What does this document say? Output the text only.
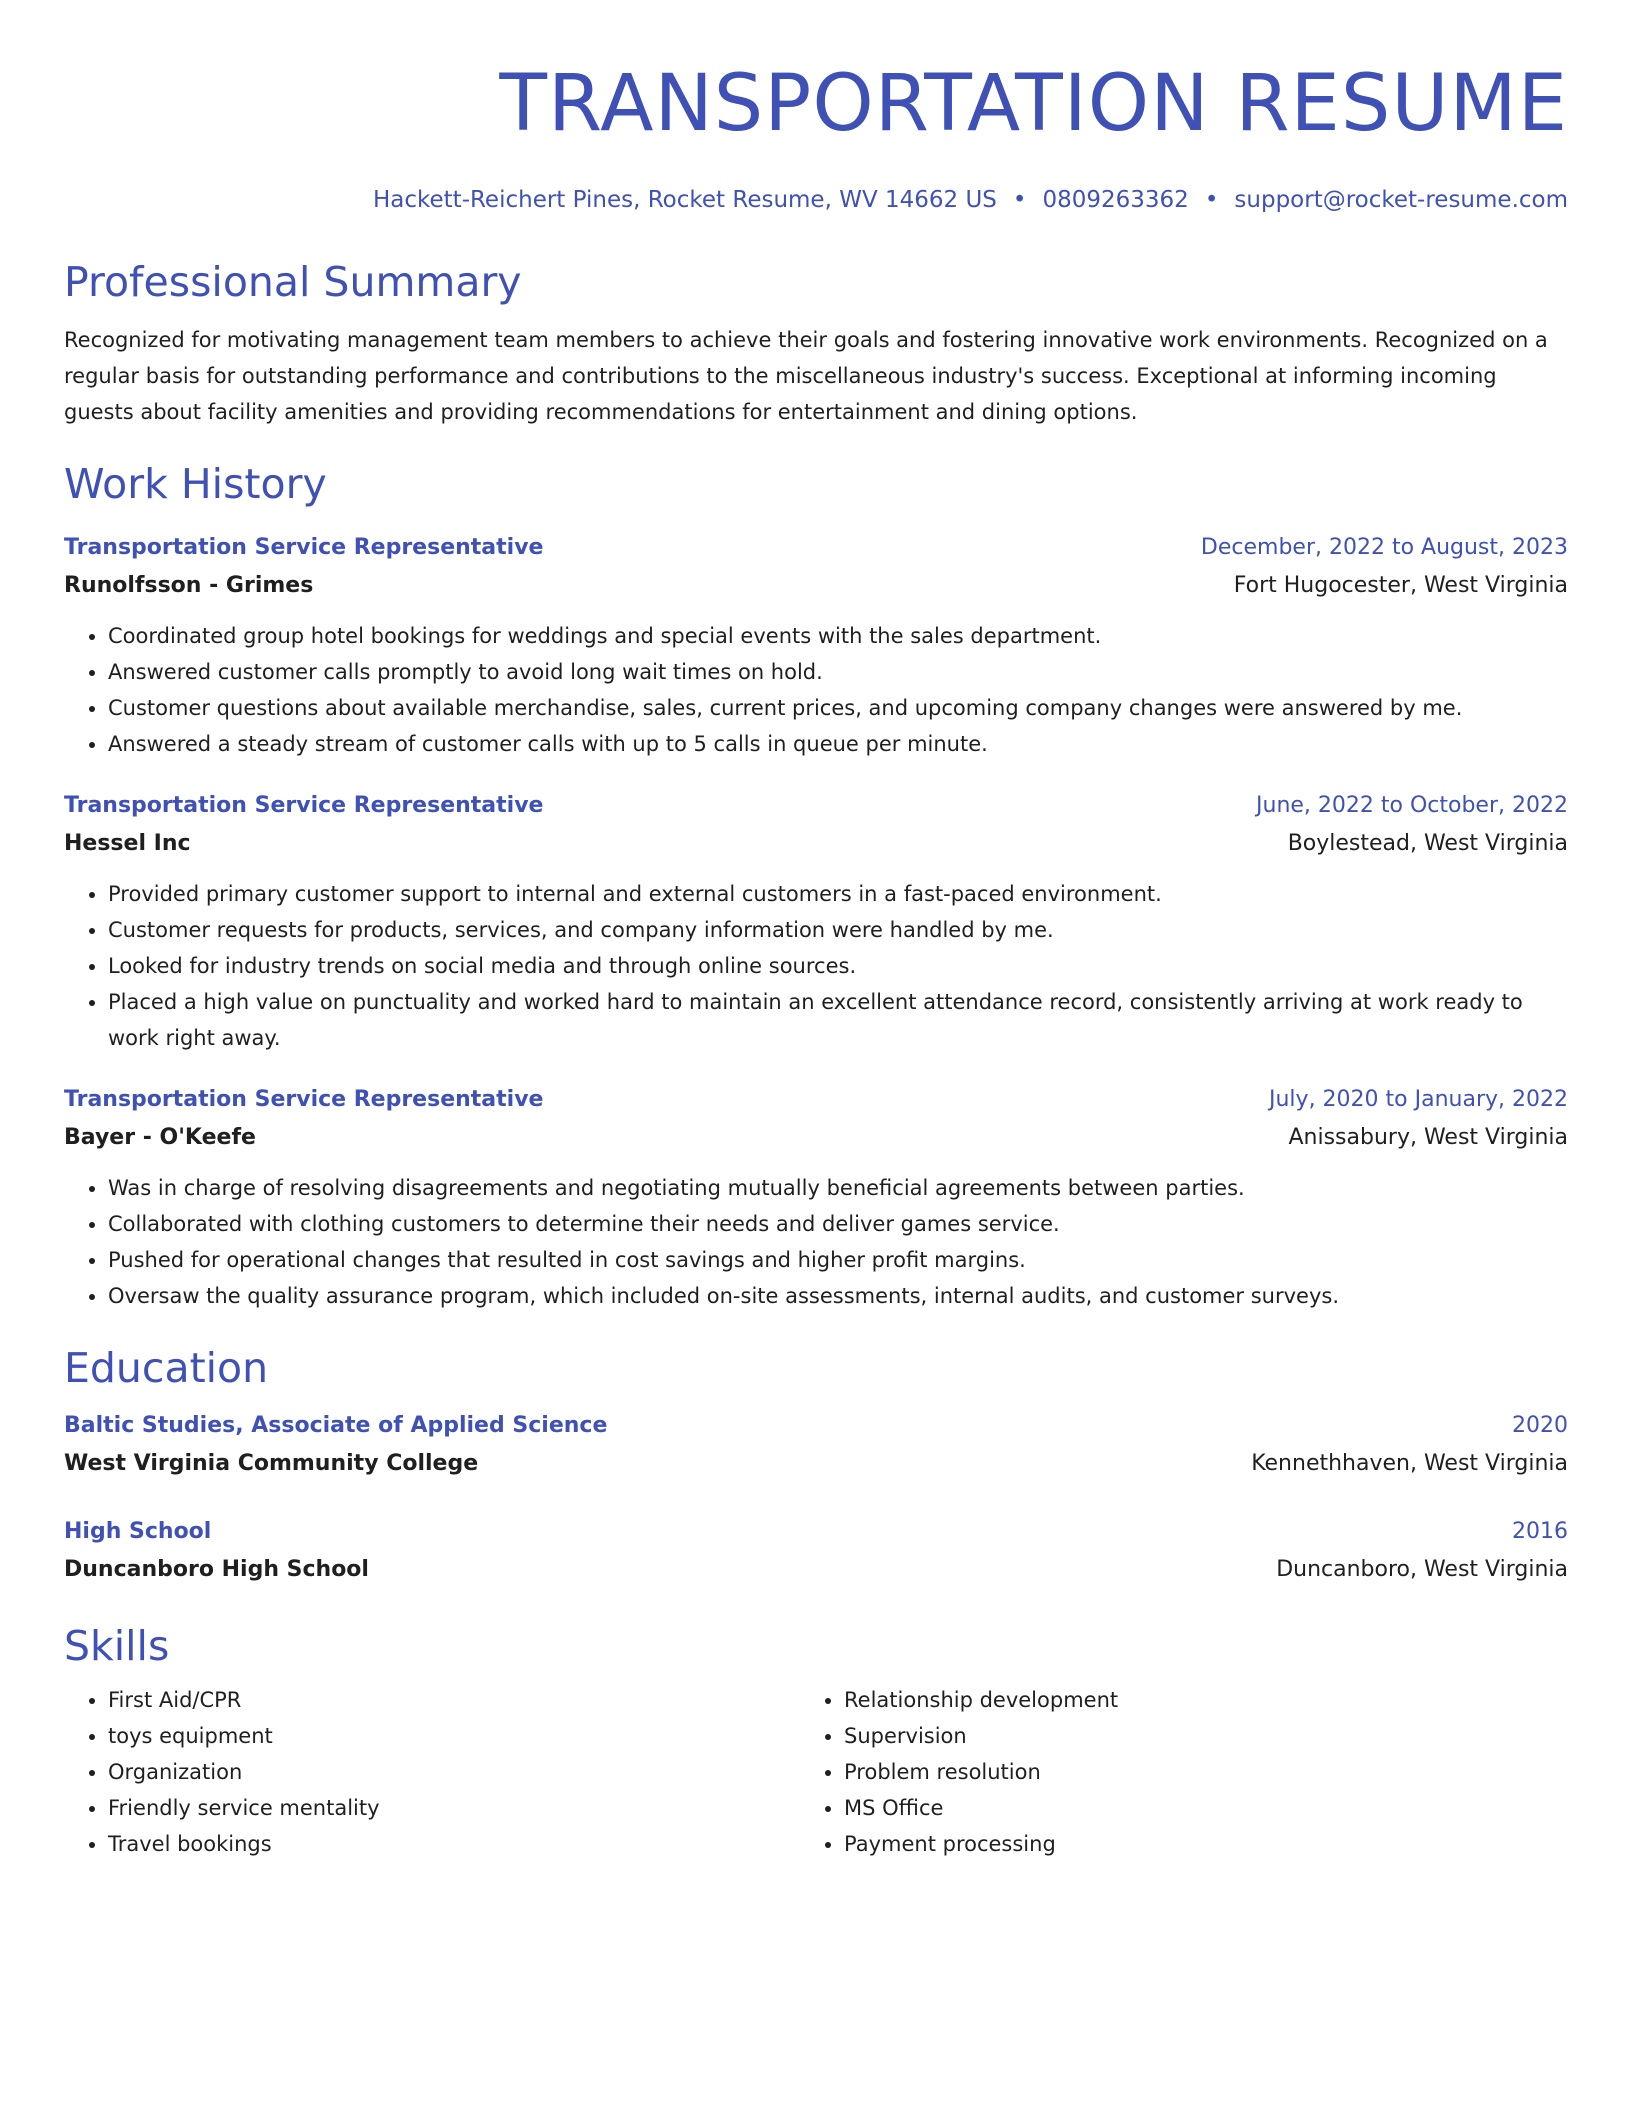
TRANSPORTATION RESUME
Hackett-Reichert Pines, Rocket Resume, WV 14662 US • 0809263362 • support@rocket-resume.com
Professional Summary
Recognized for motivating management team members to achieve their goals and fostering innovative work environments. Recognized on a regular basis for outstanding performance and contributions to the miscellaneous industry's success. Exceptional at informing incoming guests about facility amenities and providing recommendations for entertainment and dining options.
Work History
Transportation Service Representative	December, 2022 to August, 2023
Runolfsson - Grimes	Fort Hugocester, West Virginia
• Coordinated group hotel bookings for weddings and special events with the sales department.
• Answered customer calls promptly to avoid long wait times on hold.
• Customer questions about available merchandise, sales, current prices, and upcoming company changes were answered by me.
• Answered a steady stream of customer calls with up to 5 calls in queue per minute.
Transportation Service Representative	June, 2022 to October, 2022
Hessel Inc	Boylestead, West Virginia
• Provided primary customer support to internal and external customers in a fast-paced environment.
• Customer requests for products, services, and company information were handled by me.
• Looked for industry trends on social media and through online sources.
• Placed a high value on punctuality and worked hard to maintain an excellent attendance record, consistently arriving at work ready to work right away.
Transportation Service Representative	July, 2020 to January, 2022
Bayer - O'Keefe	Anissabury, West Virginia
• Was in charge of resolving disagreements and negotiating mutually beneficial agreements between parties.
• Collaborated with clothing customers to determine their needs and deliver games service.
• Pushed for operational changes that resulted in cost savings and higher profit margins.
• Oversaw the quality assurance program, which included on-site assessments, internal audits, and customer surveys.
Education
Baltic Studies, Associate of Applied Science	2020
West Virginia Community College	Kennethhaven, West Virginia
High School	2016
Duncanboro High School	Duncanboro, West Virginia
Skills
• First Aid/CPR
• toys equipment
• Organization
• Friendly service mentality
• Travel bookings
• Relationship development
• Supervision
• Problem resolution
• MS Office
• Payment processing
